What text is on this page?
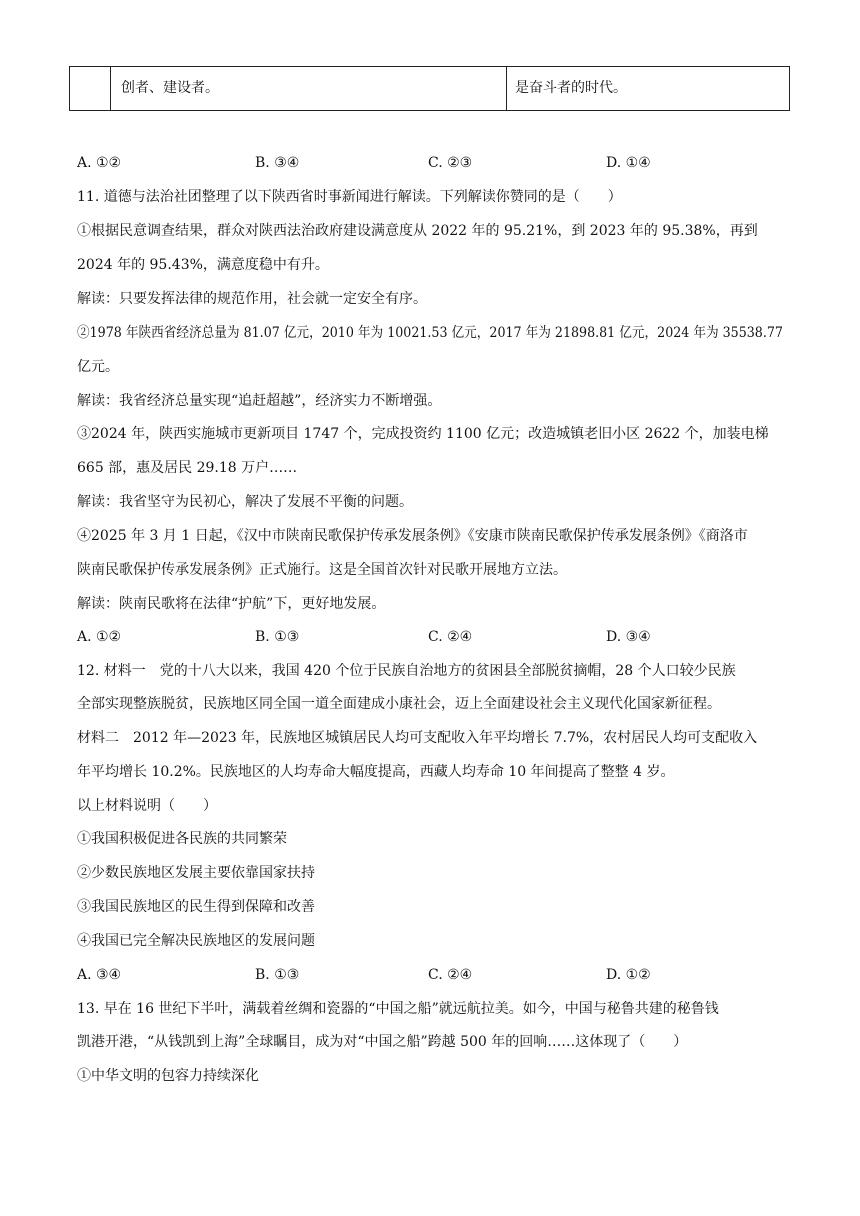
创者、建设者。	是奋斗者的时代。
A. ①②	B. ③④	C. ②③	D. ①④
11. 道德与法治社团整理了以下陕西省时事新闻进行解读。下列解读你赞同的是（　　）
①根据民意调查结果，群众对陕西法治政府建设满意度从 2022 年的 95.21%，到 2023 年的 95.38%，再到
2024 年的 95.43%，满意度稳中有升。
解读：只要发挥法律的规范作用，社会就一定安全有序。
②1978 年陕西省经济总量为 81.07 亿元，2010 年为 10021.53 亿元，2017 年为 21898.81 亿元，2024 年为 35538.77
亿元。
解读：我省经济总量实现“追赶超越”，经济实力不断增强。
③2024 年，陕西实施城市更新项目 1747 个，完成投资约 1100 亿元；改造城镇老旧小区 2622 个，加装电梯
665 部，惠及居民 29.18 万户……
解读：我省坚守为民初心，解决了发展不平衡的问题。
④2025 年 3 月 1 日起，《汉中市陕南民歌保护传承发展条例》《安康市陕南民歌保护传承发展条例》《商洛市
陕南民歌保护传承发展条例》正式施行。这是全国首次针对民歌开展地方立法。
解读：陕南民歌将在法律“护航”下，更好地发展。
A. ①②	B. ①③	C. ②④	D. ③④
12. 材料一　党的十八大以来，我国 420 个位于民族自治地方的贫困县全部脱贫摘帽，28 个人口较少民族
全部实现整族脱贫，民族地区同全国一道全面建成小康社会，迈上全面建设社会主义现代化国家新征程。
材料二　2012 年—2023 年，民族地区城镇居民人均可支配收入年平均增长 7.7%，农村居民人均可支配收入
年平均增长 10.2%。民族地区的人均寿命大幅度提高，西藏人均寿命 10 年间提高了整整 4 岁。
以上材料说明（　　）
①我国积极促进各民族的共同繁荣
②少数民族地区发展主要依靠国家扶持
③我国民族地区的民生得到保障和改善
④我国已完全解决民族地区的发展问题
A. ③④	B. ①③	C. ②④	D. ①②
13. 早在 16 世纪下半叶，满载着丝绸和瓷器的“中国之船”就远航拉美。如今，中国与秘鲁共建的秘鲁钱
凯港开港，“从钱凯到上海”全球瞩目，成为对“中国之船”跨越 500 年的回响……这体现了（　　）
①中华文明的包容力持续深化
